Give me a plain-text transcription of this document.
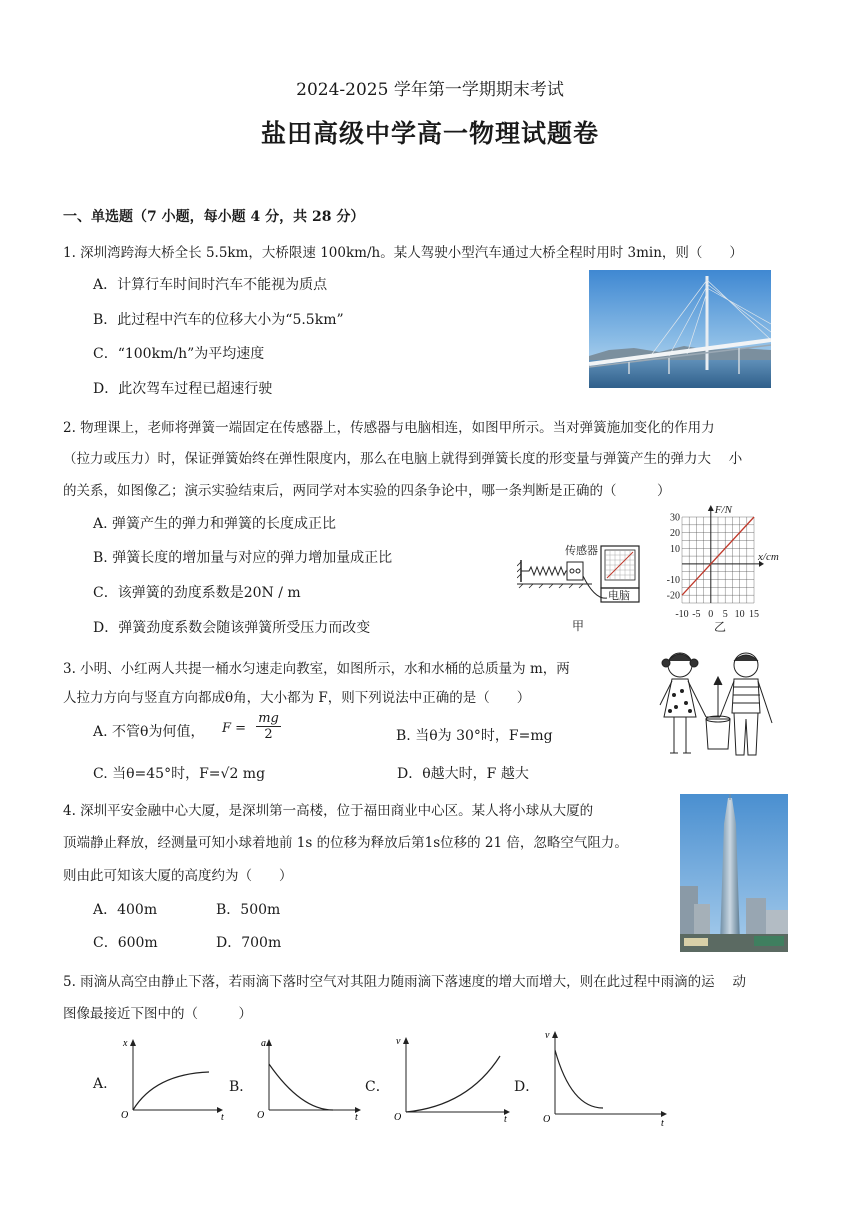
2024-2025 学年第一学期期末考试
盐田高级中学高一物理试题卷
一、单选题（7 小题，每小题 4 分，共 28 分）
1. 深圳湾跨海大桥全长 5.5km，大桥限速 100km/h。某人驾驶小型汽车通过大桥全程时用时 3min，则（　　）
A．计算行车时间时汽车不能视为质点
B．此过程中汽车的位移大小为“5.5km”
C．“100km/h”为平均速度
D．此次驾车过程已超速行驶
2. 物理课上，老师将弹簧一端固定在传感器上，传感器与电脑相连，如图甲所示。当对弹簧施加变化的作用力
（拉力或压力）时，保证弹簧始终在弹性限度内，那么在电脑上就得到弹簧长度的形变量与弹簧产生的弹力大　 小
的关系，如图像乙；演示实验结束后，两同学对本实验的四条争论中，哪一条判断是正确的（　　　）
A. 弹簧产生的弹力和弹簧的长度成正比
B. 弹簧长度的增加量与对应的弹力增加量成正比
C．该弹簧的劲度系数是20N / m
D．弹簧劲度系数会随该弹簧所受压力而改变
传感器
电脑
甲
30
20
10
-10
-20
-10 -5 0 5 10 15
F/N
x/cm
乙
3. 小明、小红两人共提一桶水匀速走向教室，如图所示，水和水桶的总质量为 m，两
人拉力方向与竖直方向都成θ角，大小都为 F，则下列说法中正确的是（　　）
A. 不管θ为何值， $F = \frac{mg}{2}$	B. 当θ为 30°时，F=mg
C. 当θ=45°时，F=√2 mg	D．θ越大时，F 越大
4. 深圳平安金融中心大厦，是深圳第一高楼，位于福田商业中心区。某人将小球从大厦的
顶端静止释放，经测量可知小球着地前 1s 的位移为释放后第1s位移的 21 倍，忽略空气阻力。
则由此可知该大厦的高度约为（　　）
A．400m	B．500m
C．600m	D．700m
5. 雨滴从高空由静止下落，若雨滴下落时空气对其阻力随雨滴下落速度的增大而增大，则在此过程中雨滴的运　 动
图像最接近下图中的（　　　）
A.	B．	C．	D．
x
t
O
a
t
O
v
t
O
v
t
O
